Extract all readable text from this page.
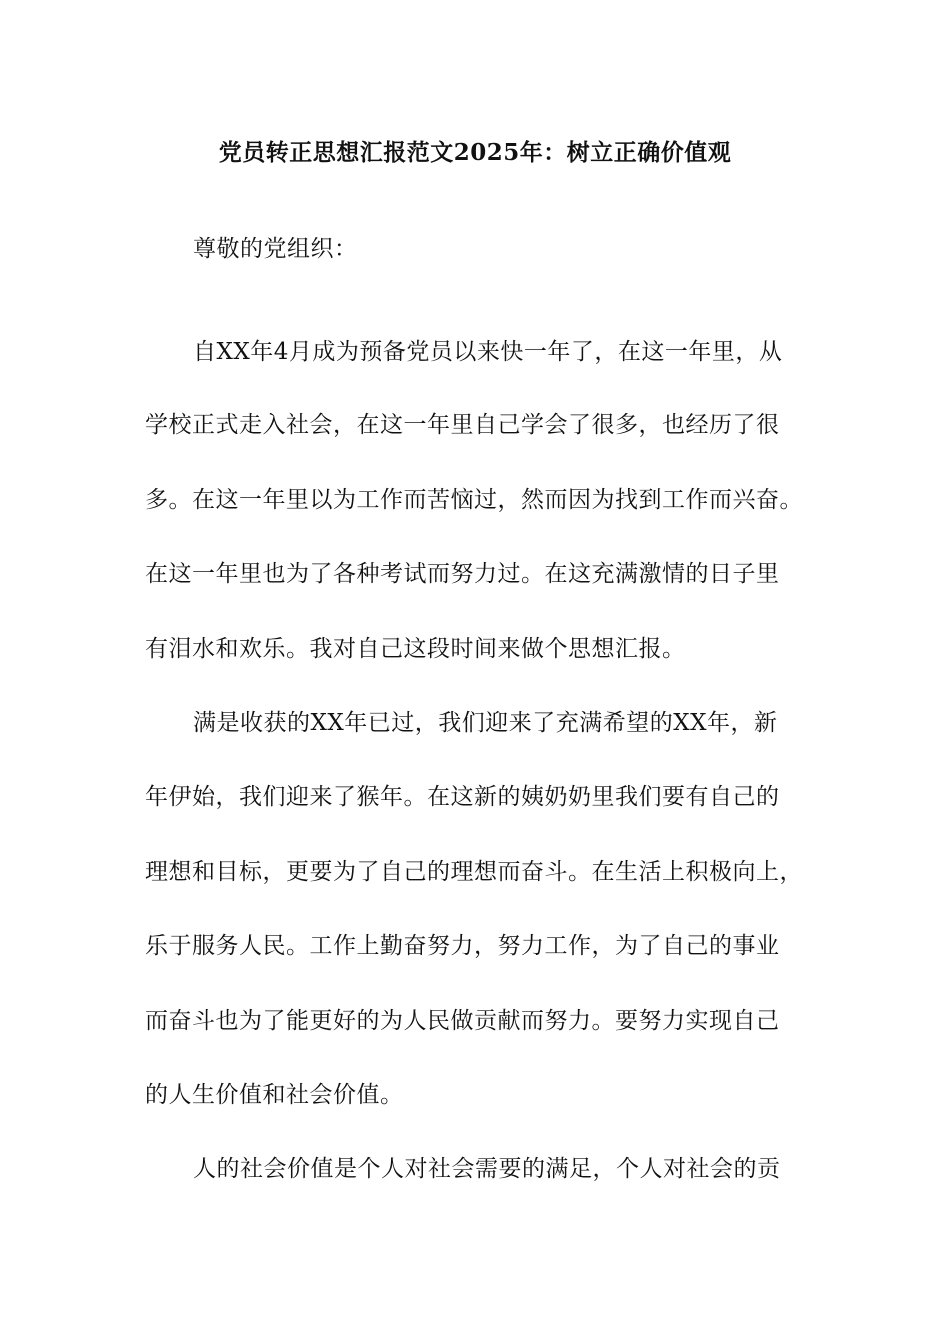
党员转正思想汇报范文2025年：树立正确价值观

尊敬的党组织：

自XX年4月成为预备党员以来快一年了，在这一年里，从

学校正式走入社会，在这一年里自己学会了很多，也经历了很

多。在这一年里以为工作而苦恼过，然而因为找到工作而兴奋。

在这一年里也为了各种考试而努力过。在这充满激情的日子里

有泪水和欢乐。我对自己这段时间来做个思想汇报。

满是收获的XX年已过，我们迎来了充满希望的XX年，新

年伊始，我们迎来了猴年。在这新的姨奶奶里我们要有自己的

理想和目标，更要为了自己的理想而奋斗。在生活上积极向上，

乐于服务人民。工作上勤奋努力，努力工作，为了自己的事业

而奋斗也为了能更好的为人民做贡献而努力。要努力实现自己

的人生价值和社会价值。

人的社会价值是个人对社会需要的满足，个人对社会的贡
